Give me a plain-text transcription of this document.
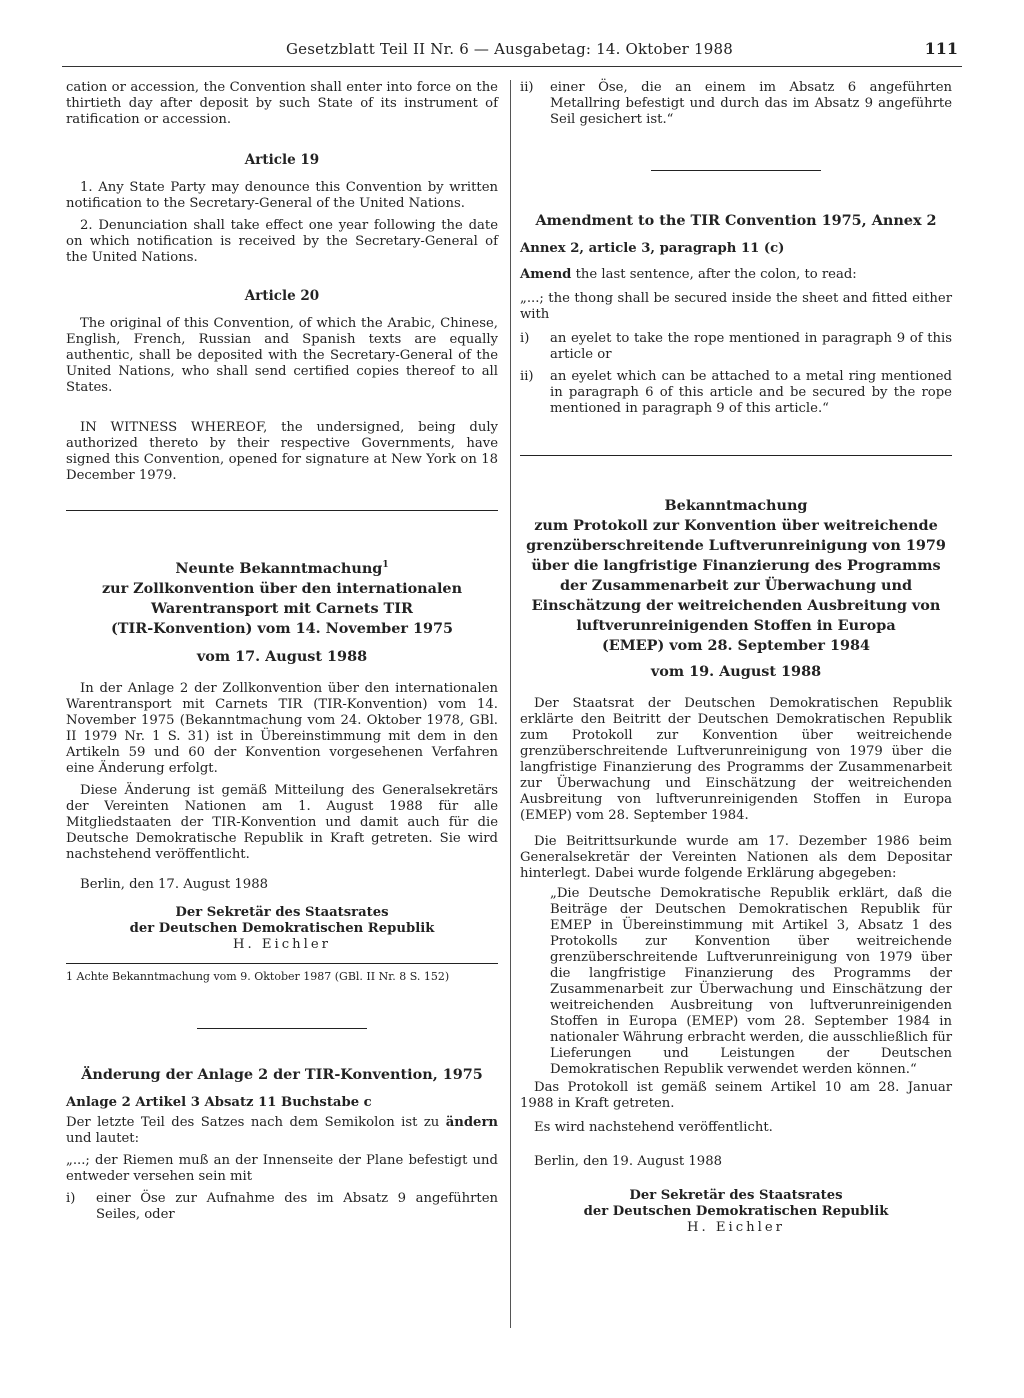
Gesetzblatt Teil II Nr. 6 — Ausgabetag: 14. Oktober 1988	111

cation or accession, the Convention shall enter into force on the thirtieth day after deposit by such State of its instrument of ratification or accession.

Article 19

1. Any State Party may denounce this Convention by written notification to the Secretary-General of the United Nations.

2. Denunciation shall take effect one year following the date on which notification is received by the Secretary-General of the United Nations.

Article 20

The original of this Convention, of which the Arabic, Chinese, English, French, Russian and Spanish texts are equally authentic, shall be deposited with the Secretary-General of the United Nations, who shall send certified copies thereof to all States.

IN WITNESS WHEREOF, the undersigned, being duly authorized thereto by their respective Governments, have signed this Convention, opened for signature at New York on 18 December 1979.

Neunte Bekanntmachung$^1$
zur Zollkonvention über den internationalen
Warentransport mit Carnets TIR
(TIR-Konvention) vom 14. November 1975
vom 17. August 1988

In der Anlage 2 der Zollkonvention über den internationalen Warentransport mit Carnets TIR (TIR-Konvention) vom 14. November 1975 (Bekanntmachung vom 24. Oktober 1978, GBl. II 1979 Nr. 1 S. 31) ist in Übereinstimmung mit dem in den Artikeln 59 und 60 der Konvention vorgesehenen Verfahren eine Änderung erfolgt.

Diese Änderung ist gemäß Mitteilung des Generalsekretärs der Vereinten Nationen am 1. August 1988 für alle Mitgliedstaaten der TIR-Konvention und damit auch für die Deutsche Demokratische Republik in Kraft getreten. Sie wird nachstehend veröffentlicht.

Berlin, den 17. August 1988

Der Sekretär des Staatsrates
der Deutschen Demokratischen Republik
H. Eichler

1 Achte Bekanntmachung vom 9. Oktober 1987 (GBl. II Nr. 8 S. 152)

Änderung der Anlage 2 der TIR-Konvention, 1975

Anlage 2 Artikel 3 Absatz 11 Buchstabe c

Der letzte Teil des Satzes nach dem Semikolon ist zu ändern und lautet:

„...; der Riemen muß an der Innenseite der Plane befestigt und entweder versehen sein mit

i)	einer Öse zur Aufnahme des im Absatz 9 angeführten Seiles, oder
ii)	einer Öse, die an einem im Absatz 6 angeführten Metallring befestigt und durch das im Absatz 9 angeführte Seil gesichert ist.“
Amendment to the TIR Convention 1975, Annex 2

Annex 2, article 3, paragraph 11 (c)

Amend the last sentence, after the colon, to read:

„...; the thong shall be secured inside the sheet and fitted either with

i)	an eyelet to take the rope mentioned in paragraph 9 of this article or
ii)	an eyelet which can be attached to a metal ring mentioned in paragraph 6 of this article and be secured by the rope mentioned in paragraph 9 of this article.“
Bekanntmachung
zum Protokoll zur Konvention über weitreichende
grenzüberschreitende Luftverunreinigung von 1979
über die langfristige Finanzierung des Programms
der Zusammenarbeit zur Überwachung und
Einschätzung der weitreichenden Ausbreitung von
luftverunreinigenden Stoffen in Europa
(EMEP) vom 28. September 1984
vom 19. August 1988

Der Staatsrat der Deutschen Demokratischen Republik erklärte den Beitritt der Deutschen Demokratischen Republik zum Protokoll zur Konvention über weitreichende grenzüberschreitende Luftverunreinigung von 1979 über die langfristige Finanzierung des Programms der Zusammenarbeit zur Überwachung und Einschätzung der weitreichenden Ausbreitung von luftverunreinigenden Stoffen in Europa (EMEP) vom 28. September 1984.

Die Beitrittsurkunde wurde am 17. Dezember 1986 beim Generalsekretär der Vereinten Nationen als dem Depositar hinterlegt. Dabei wurde folgende Erklärung abgegeben:

„Die Deutsche Demokratische Republik erklärt, daß die Beiträge der Deutschen Demokratischen Republik für EMEP in Übereinstimmung mit Artikel 3, Absatz 1 des Protokolls zur Konvention über weitreichende grenzüberschreitende Luftverunreinigung von 1979 über die langfristige Finanzierung des Programms der Zusammenarbeit zur Überwachung und Einschätzung der weitreichenden Ausbreitung von luftverunreinigenden Stoffen in Europa (EMEP) vom 28. September 1984 in nationaler Währung erbracht werden, die ausschließlich für Lieferungen und Leistungen der Deutschen Demokratischen Republik verwendet werden können.“

Das Protokoll ist gemäß seinem Artikel 10 am 28. Januar 1988 in Kraft getreten.

Es wird nachstehend veröffentlicht.

Berlin, den 19. August 1988

Der Sekretär des Staatsrates
der Deutschen Demokratischen Republik
H. Eichler
